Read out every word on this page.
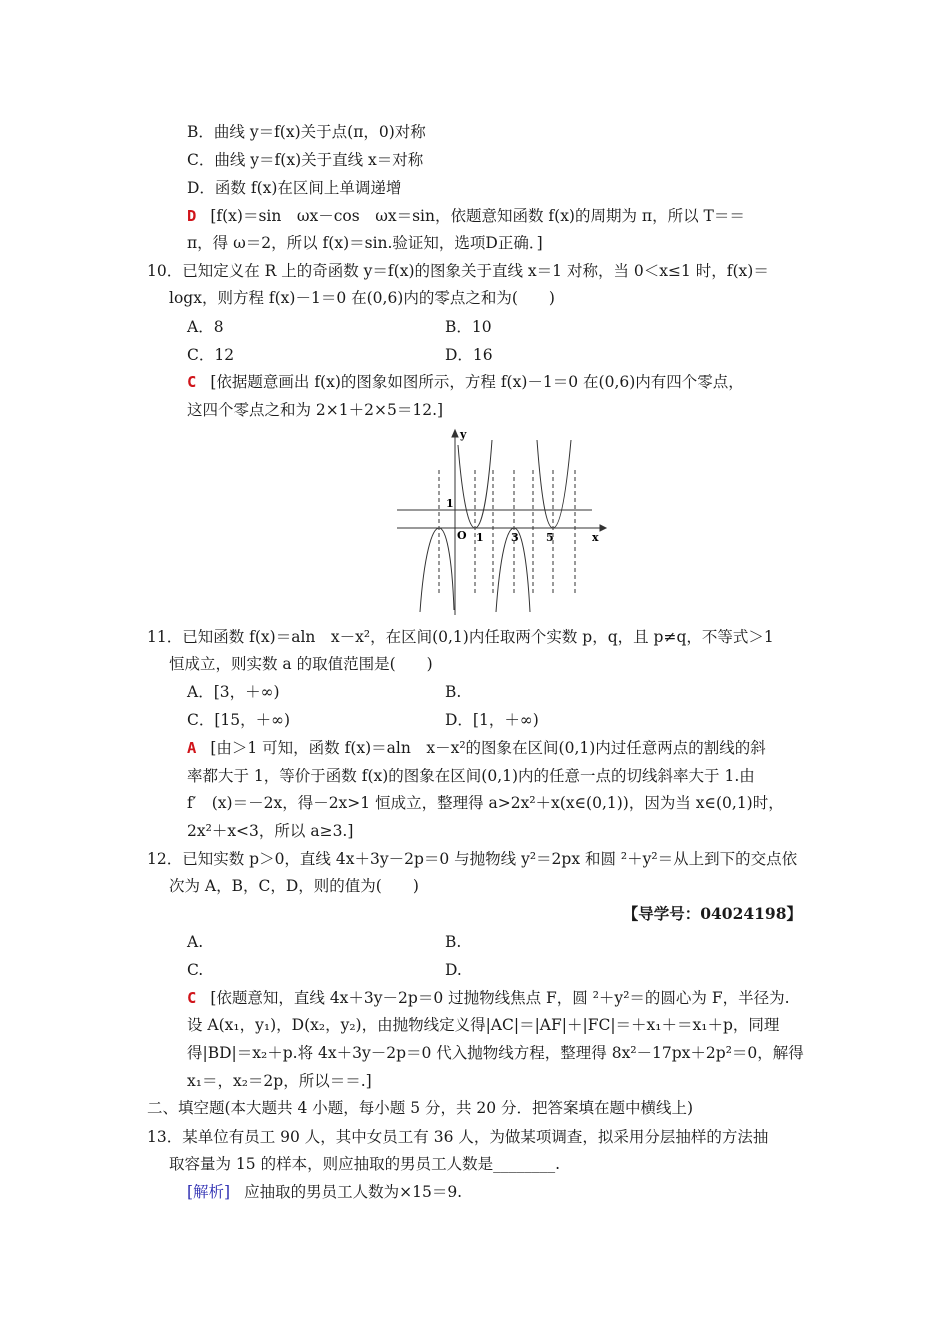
B．曲线 y＝f(x)关于点(π，0)对称
C．曲线 y＝f(x)关于直线 x＝对称
D．函数 f(x)在区间上单调递增
D [f(x)＝sin　ωx－cos　ωx＝sin，依题意知函数 f(x)的周期为 π，所以 T＝＝
π，得 ω＝2，所以 f(x)＝sin.验证知，选项D正确．]
10．已知定义在 R 上的奇函数 y＝f(x)的图象关于直线 x＝1 对称，当 0＜x≤1 时，f(x)＝
logx，则方程 f(x)－1＝0 在(0,6)内的零点之和为(　　)
A．8	B．10
C．12	D．16
C [依据题意画出 f(x)的图象如图所示，方程 f(x)－1＝0 在(0,6)内有四个零点，
这四个零点之和为 2×1＋2×5＝12.]
y
x
O
1
1 3 5
11．已知函数 f(x)＝aln　x－x²，在区间(0,1)内任取两个实数 p，q，且 p≠q，不等式＞1
恒成立，则实数 a 的取值范围是(　　)
A．[3，＋∞)	B.
C．[15，＋∞)	D．[1，＋∞)
A [由＞1 可知，函数 f(x)＝aln　x－x²的图象在区间(0,1)内过任意两点的割线的斜
率都大于 1，等价于函数 f(x)的图象在区间(0,1)内的任意一点的切线斜率大于 1.由
f′　(x)＝－2x，得－2x>1 恒成立，整理得 a>2x²＋x(x∈(0,1))，因为当 x∈(0,1)时，
2x²＋x<3，所以 a≥3.]
12．已知实数 p＞0，直线 4x＋3y－2p＝0 与抛物线 y²＝2px 和圆 ²＋y²＝从上到下的交点依
次为 A，B，C，D，则的值为(　　)
【导学号：04024198】
A.	B.
C.	D.
C [依题意知，直线 4x＋3y－2p＝0 过抛物线焦点 F，圆 ²＋y²＝的圆心为 F，半径为.
设 A(x₁，y₁)，D(x₂，y₂)，由抛物线定义得|AC|＝|AF|＋|FC|＝＋x₁＋＝x₁＋p，同理
得|BD|＝x₂＋p.将 4x＋3y－2p＝0 代入抛物线方程，整理得 8x²－17px＋2p²＝0，解得
x₁＝，x₂＝2p，所以＝＝.]
二、填空题(本大题共 4 小题，每小题 5 分，共 20 分．把答案填在题中横线上)
13．某单位有员工 90 人，其中女员工有 36 人，为做某项调查，拟采用分层抽样的方法抽
取容量为 15 的样本，则应抽取的男员工人数是________.
[解析] 应抽取的男员工人数为×15＝9.
